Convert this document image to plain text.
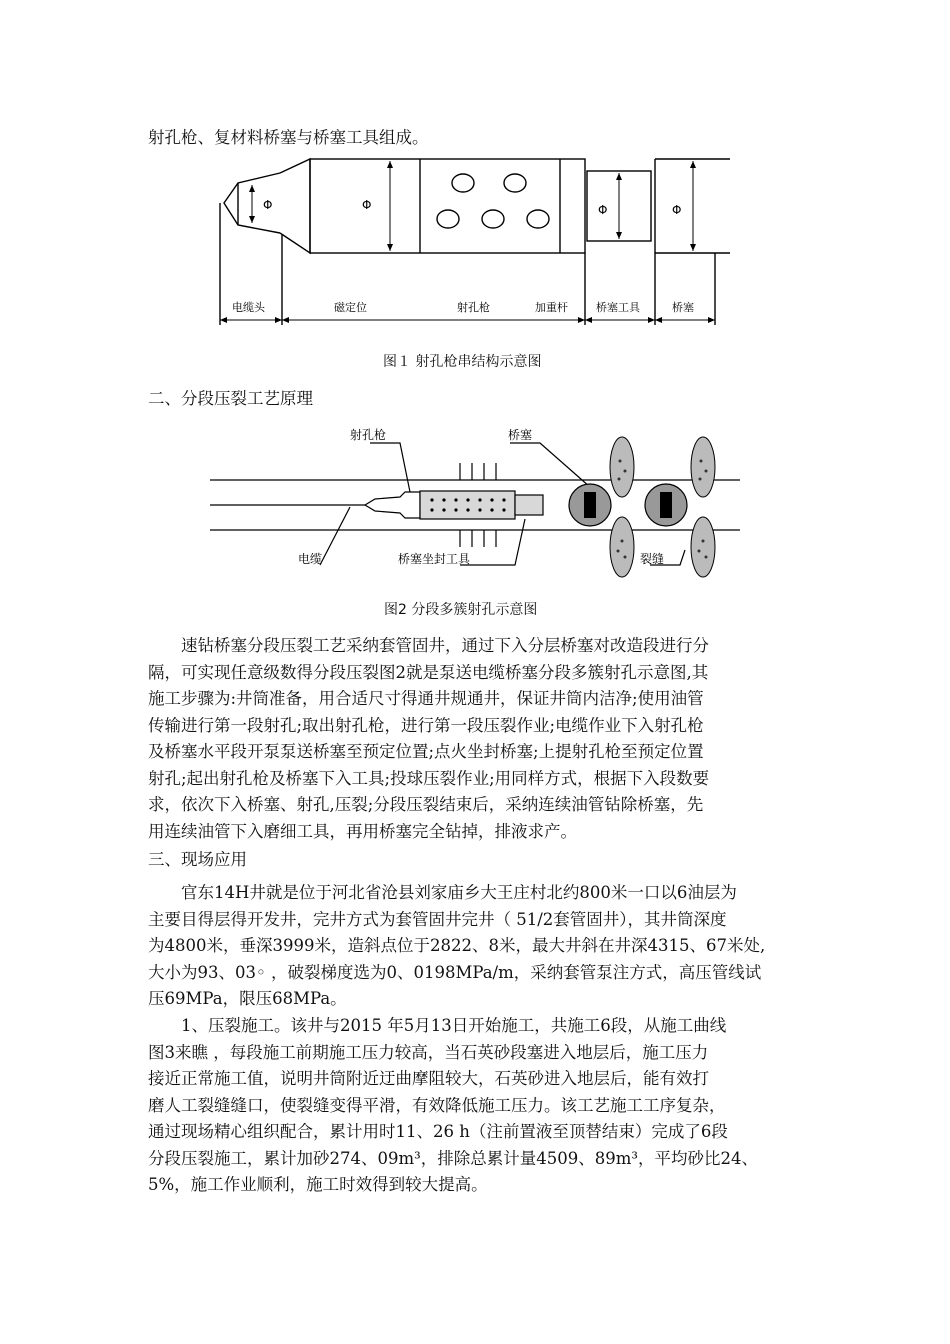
射孔枪、复材料桥塞与桥塞工具组成。
Φ	Φ	Φ	Φ
电缆头	磁定位	射孔枪	加重杆	桥塞工具	桥塞
图１ 射孔枪串结构示意图
二、分段压裂工艺原理
射孔枪	桥塞
电缆	桥塞坐封工具	裂缝
图2 分段多簇射孔示意图
　　速钻桥塞分段压裂工艺采纳套管固井，通过下入分层桥塞对改造段进行分
隔，可实现任意级数得分段压裂图2就是泵送电缆桥塞分段多簇射孔示意图,其
施工步骤为:井筒准备，用合适尺寸得通井规通井，保证井筒内洁净;使用油管
传输进行第一段射孔;取出射孔枪，进行第一段压裂作业;电缆作业下入射孔枪
及桥塞水平段开泵泵送桥塞至预定位置;点火坐封桥塞;上提射孔枪至预定位置
射孔;起出射孔枪及桥塞下入工具;投球压裂作业;用同样方式，根据下入段数要
求，依次下入桥塞、射孔,压裂;分段压裂结束后，采纳连续油管钻除桥塞，先
用连续油管下入磨细工具，再用桥塞完全钻掉，排液求产。
三、现场应用
　　官东14H井就是位于河北省沧县刘家庙乡大王庄村北约800米一口以6油层为
主要目得层得开发井，完井方式为套管固井完井（ 51/2套管固井），其井筒深度
为4800米，垂深3999米，造斜点位于2822、8米，最大井斜在井深4315、67米处,
大小为93、03◦ ，破裂梯度选为0、0198MPa/m，采纳套管泵注方式，高压管线试
压69MPa，限压68MPa。
　　1、压裂施工。该井与2015 年5月13日开始施工，共施工6段，从施工曲线
图3来瞧 ，每段施工前期施工压力较高，当石英砂段塞进入地层后，施工压力
接近正常施工值，说明井筒附近迂曲摩阻较大，石英砂进入地层后，能有效打
磨人工裂缝缝口，使裂缝变得平滑，有效降低施工压力。该工艺施工工序复杂，
通过现场精心组织配合，累计用时11、26 h（注前置液至顶替结束）完成了6段
分段压裂施工，累计加砂274、09m³，排除总累计量4509、89m³，平均砂比24、
5%，施工作业顺利，施工时效得到较大提高。
